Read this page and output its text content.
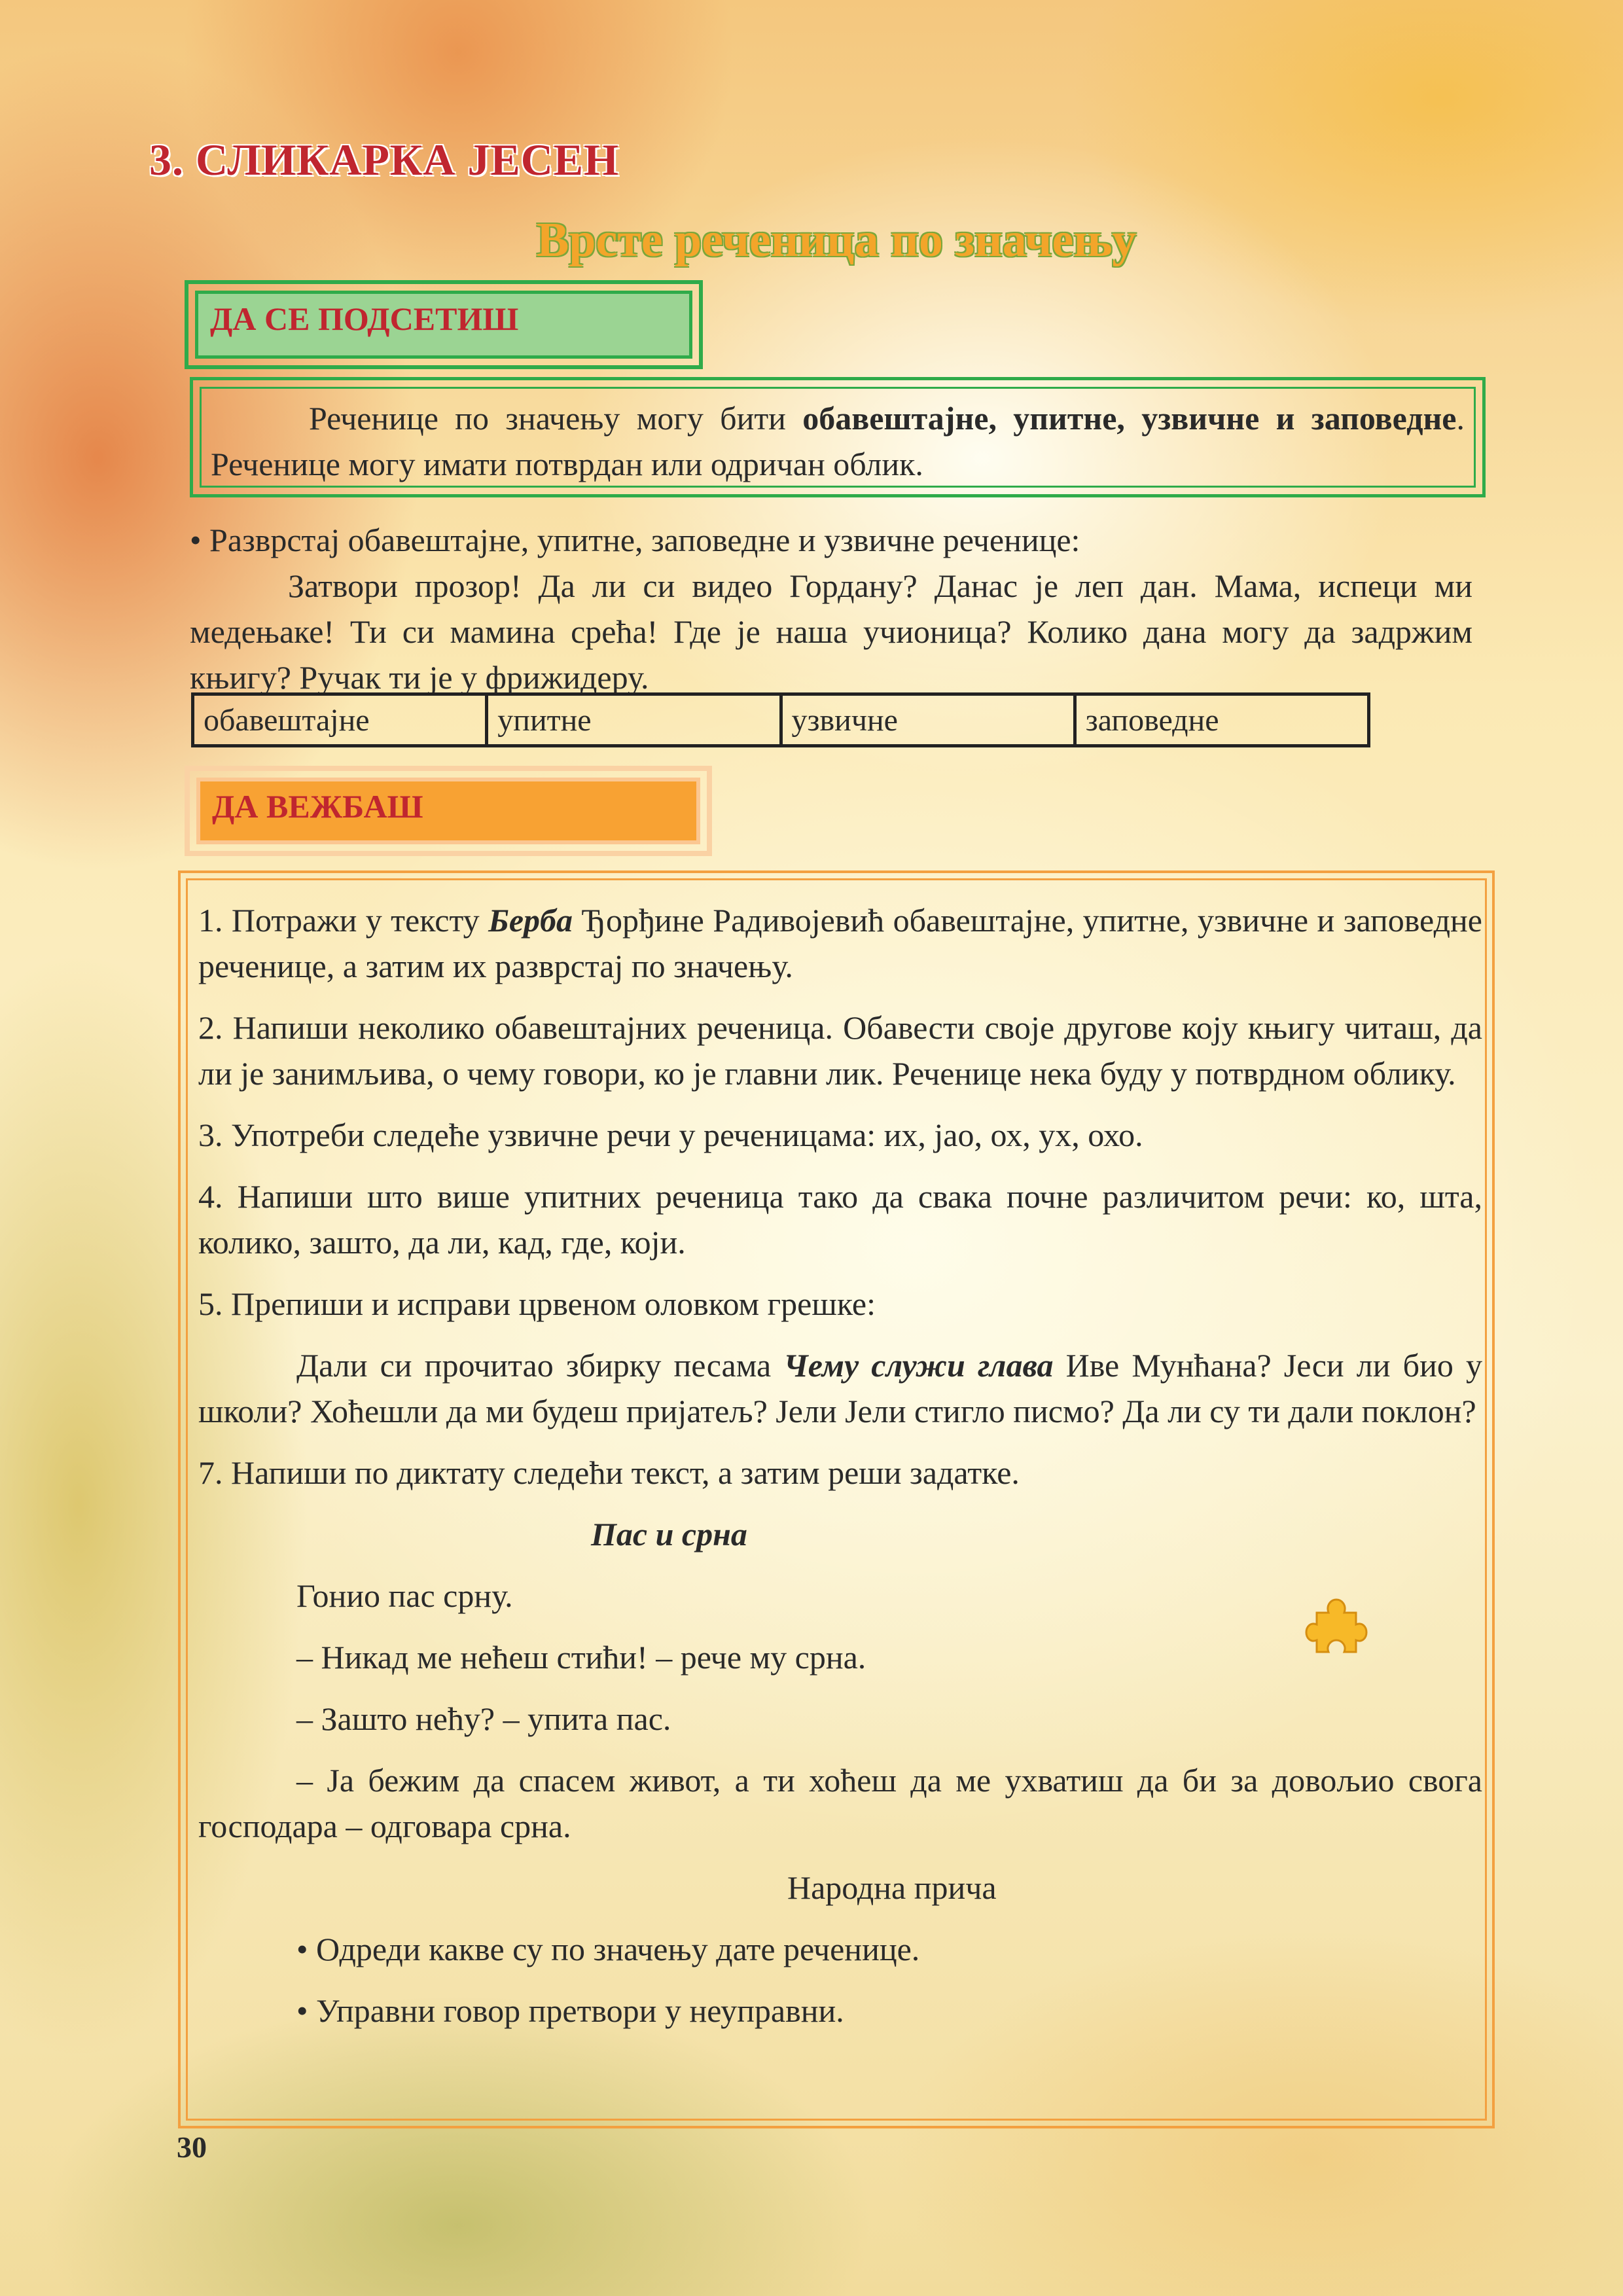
3. СЛИКАРКА ЈЕСЕН
Врсте реченица по значењу
ДА СЕ ПОДСЕТИШ

Реченице по значењу могу бити обавештајне, упитне, узвичне и заповедне. Реченице могу имати потврдан или одричан облик.

• Разврстај обавештајне, упитне, заповедне и узвичне реченице:

Затвори прозор! Да ли си видео Гордану? Данас је леп дан. Мама, испеци ми медењаке! Ти си мамина срећа! Где је наша учионица? Колико дана могу да задржим књигу? Ручак ти је у фрижидеру.

обавештајне	упитне	узвичне	заповедне
ДА ВЕЖБАШ

1. Потражи у тексту Берба Ђорђине Радивојевић обавештајне, упитне, узвичне и заповедне реченице, а затим их разврстај по значењу.

2. Напиши неколико обавештајних реченица. Обавести своје другове коју књигу читаш, да ли је занимљива, о чему говори, ко је главни лик. Реченице нека буду у потврдном облику.

3. Употреби следеће узвичне речи у реченицама: их, јао, ох, ух, охо.

4. Напиши што више упитних реченица тако да свака почне различитом речи: ко, шта, колико, зашто, да ли, кад, где, који.

5. Препиши и исправи црвеном оловком грешке:

Дали си прочитао збирку песама Чему служи глава Иве Мунћана? Јеси ли био у школи? Хоћешли да ми будеш пријатељ? Јели Јели стигло писмо? Да ли су ти дали поклон?

7. Напиши по диктату следећи текст, а затим реши задатке.

Пас и срна

Гонио пас срну.

– Никад ме нећеш стићи! – рече му срна.

– Зашто нећу? – упита пас.

– Ја бежим да спасем живот, а ти хоћеш да ме ухватиш да би за довољио свога господара – одговара срна.

Народна прича

• Одреди какве су по значењу дате реченице.

• Управни говор претвори у неуправни.

30
